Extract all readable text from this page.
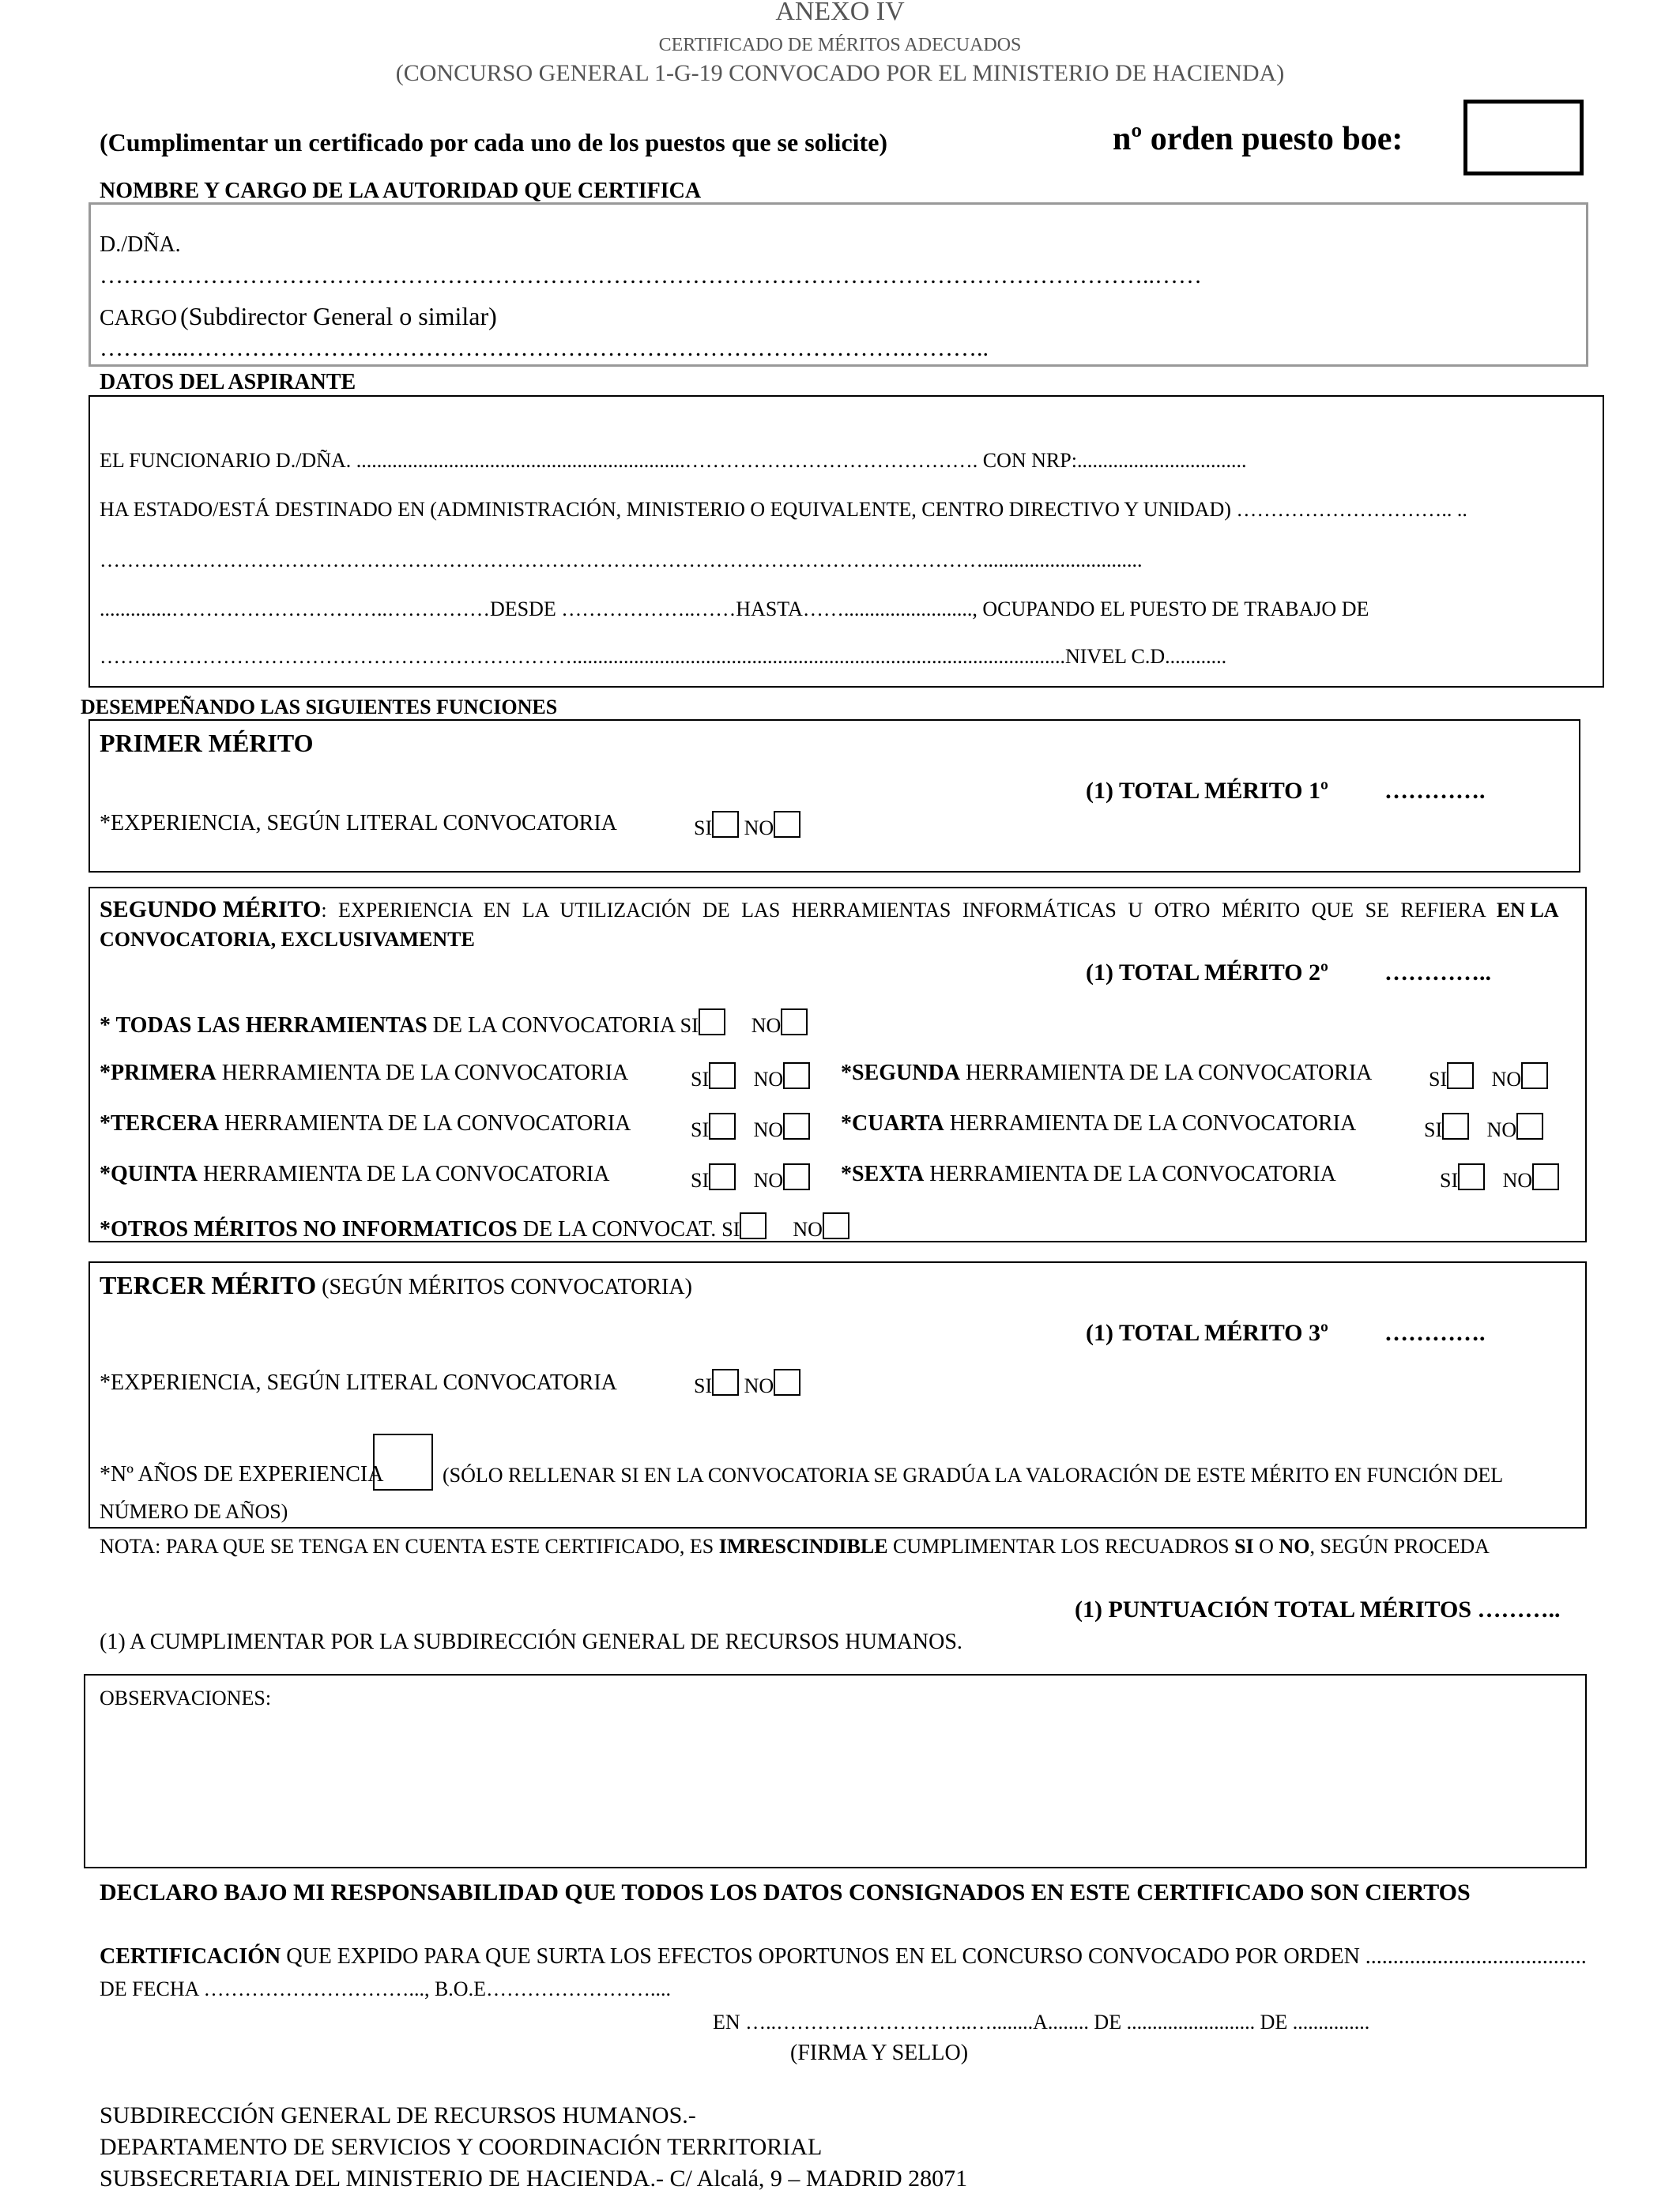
ANEXO IV
CERTIFICADO DE MÉRITOS ADECUADOS
(CONCURSO GENERAL 1-G-19 CONVOCADO POR EL MINISTERIO DE HACIENDA)
(Cumplimentar un certificado por cada uno de los puestos que se solicite)	nº orden puesto boe:
NOMBRE Y CARGO DE LA AUTORIDAD QUE CERTIFICA
D./DÑA.
……………………………………………………………………………………………………………………..……
CARGO (Subdirector General o similar)
………...……………………………………………………………………………….………..
DATOS DEL ASPIRANTE
EL FUNCIONARIO D./DÑA. ................................................................……………………………………. CON NRP:.................................
HA ESTADO/ESTÁ DESTINADO EN (ADMINISTRACIÓN, MINISTERIO O EQUIVALENTE, CENTRO DIRECTIVO Y UNIDAD) ………………………….. ..
…………………………………………………………………………………………………………………...............................
..............…………………………..……………DESDE ………………..……HASTA……........................., OCUPANDO EL PUESTO DE TRABAJO DE
……………………………………………………………................................................................................................NIVEL C.D............
DESEMPEÑANDO LAS SIGUIENTES FUNCIONES
PRIMER MÉRITO
(1) TOTAL MÉRITO 1º ………….
*EXPERIENCIA, SEGÚN LITERAL CONVOCATORIA	SI NO
SEGUNDO MÉRITO: EXPERIENCIA EN LA UTILIZACIÓN DE LAS HERRAMIENTAS INFORMÁTICAS U OTRO MÉRITO QUE SE REFIERA EN LA
CONVOCATORIA, EXCLUSIVAMENTE
(1) TOTAL MÉRITO 2º …………..
* TODAS LAS HERRAMIENTAS DE LA CONVOCATORIA SI	NO
*PRIMERA HERRAMIENTA DE LA CONVOCATORIA	SI NO	*SEGUNDA HERRAMIENTA DE LA CONVOCATORIA	SI NO
*TERCERA HERRAMIENTA DE LA CONVOCATORIA	SI NO	*CUARTA HERRAMIENTA DE LA CONVOCATORIA	SI NO
*QUINTA HERRAMIENTA DE LA CONVOCATORIA	SI NO	*SEXTA HERRAMIENTA DE LA CONVOCATORIA	SI NO
*OTROS MÉRITOS NO INFORMATICOS DE LA CONVOCAT. SI	NO
TERCER MÉRITO (SEGÚN MÉRITOS CONVOCATORIA)
(1) TOTAL MÉRITO 3º ………….
*EXPERIENCIA, SEGÚN LITERAL CONVOCATORIA	SI NO
*Nº AÑOS DE EXPERIENCIA	(SÓLO RELLENAR SI EN LA CONVOCATORIA SE GRADÚA LA VALORACIÓN DE ESTE MÉRITO EN FUNCIÓN DEL
NÚMERO DE AÑOS)
NOTA: PARA QUE SE TENGA EN CUENTA ESTE CERTIFICADO, ES IMRESCINDIBLE CUMPLIMENTAR LOS RECUADROS SI O NO, SEGÚN PROCEDA
(1) PUNTUACIÓN TOTAL MÉRITOS ………..
(1) A CUMPLIMENTAR POR LA SUBDIRECCIÓN GENERAL DE RECURSOS HUMANOS.
OBSERVACIONES:
DECLARO BAJO MI RESPONSABILIDAD QUE TODOS LOS DATOS CONSIGNADOS EN ESTE CERTIFICADO SON CIERTOS
CERTIFICACIÓN QUE EXPIDO PARA QUE SURTA LOS EFECTOS OPORTUNOS EN EL CONCURSO CONVOCADO POR ORDEN ........................................
DE FECHA …………………………..., B.O.E……………………....
EN …..………………………..…........A........ DE ......................... DE ...............
(FIRMA Y SELLO)
SUBDIRECCIÓN GENERAL DE RECURSOS HUMANOS.-
DEPARTAMENTO DE SERVICIOS Y COORDINACIÓN TERRITORIAL
SUBSECRETARIA DEL MINISTERIO DE HACIENDA.- C/ Alcalá, 9 – MADRID 28071
